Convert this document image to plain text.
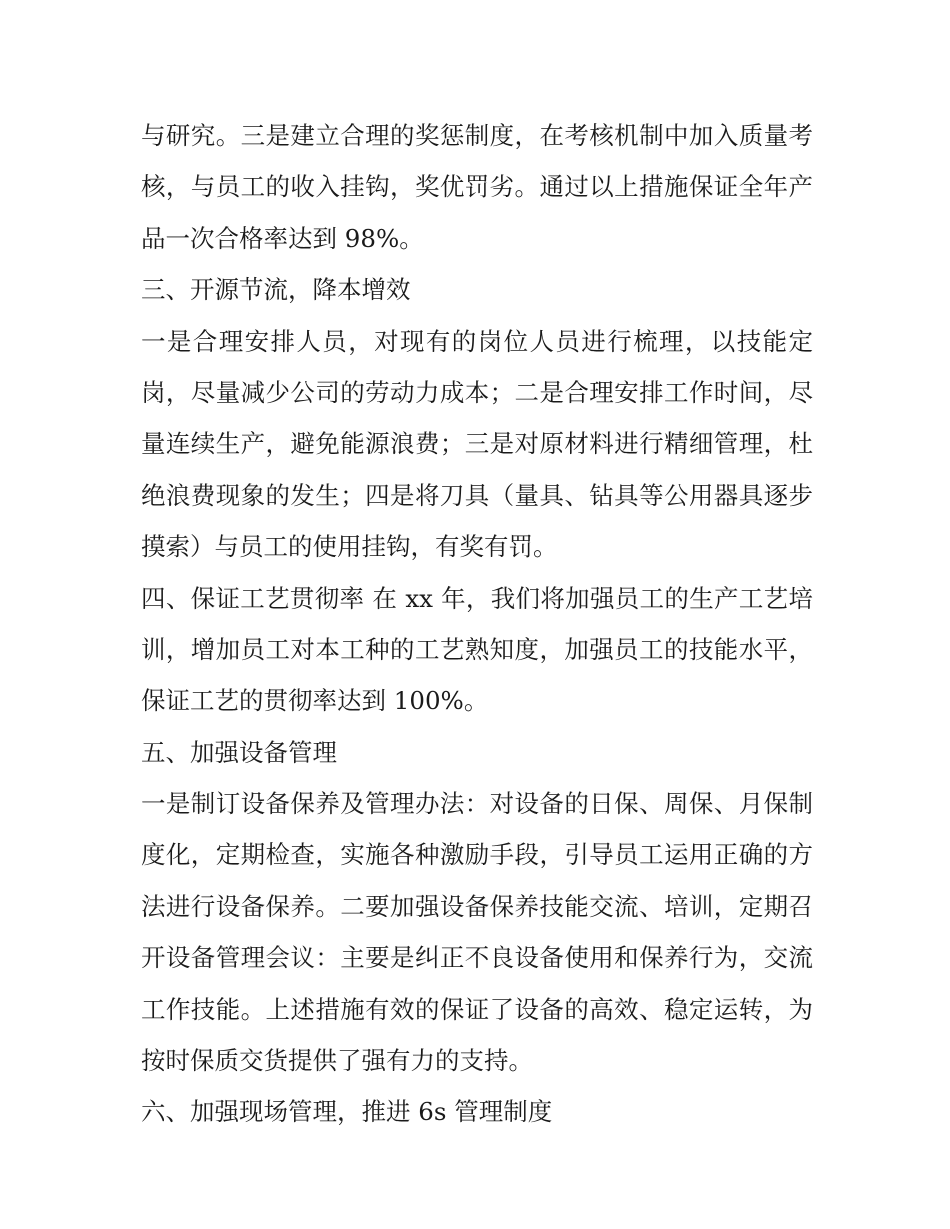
与研究。三是建立合理的奖惩制度，在考核机制中加入质量考
核，与员工的收入挂钩，奖优罚劣。通过以上措施保证全年产
品一次合格率达到 98%。
三、开源节流，降本增效
一是合理安排人员，对现有的岗位人员进行梳理，以技能定
岗，尽量减少公司的劳动力成本；二是合理安排工作时间，尽
量连续生产，避免能源浪费；三是对原材料进行精细管理，杜
绝浪费现象的发生；四是将刀具（量具、钻具等公用器具逐步
摸索）与员工的使用挂钩，有奖有罚。
四、保证工艺贯彻率 在 xx 年，我们将加强员工的生产工艺培
训，增加员工对本工种的工艺熟知度，加强员工的技能水平，
保证工艺的贯彻率达到 100%。
五、加强设备管理
一是制订设备保养及管理办法：对设备的日保、周保、月保制
度化，定期检查，实施各种激励手段，引导员工运用正确的方
法进行设备保养。二要加强设备保养技能交流、培训，定期召
开设备管理会议：主要是纠正不良设备使用和保养行为，交流
工作技能。上述措施有效的保证了设备的高效、稳定运转，为
按时保质交货提供了强有力的支持。
六、加强现场管理，推进 6s 管理制度
